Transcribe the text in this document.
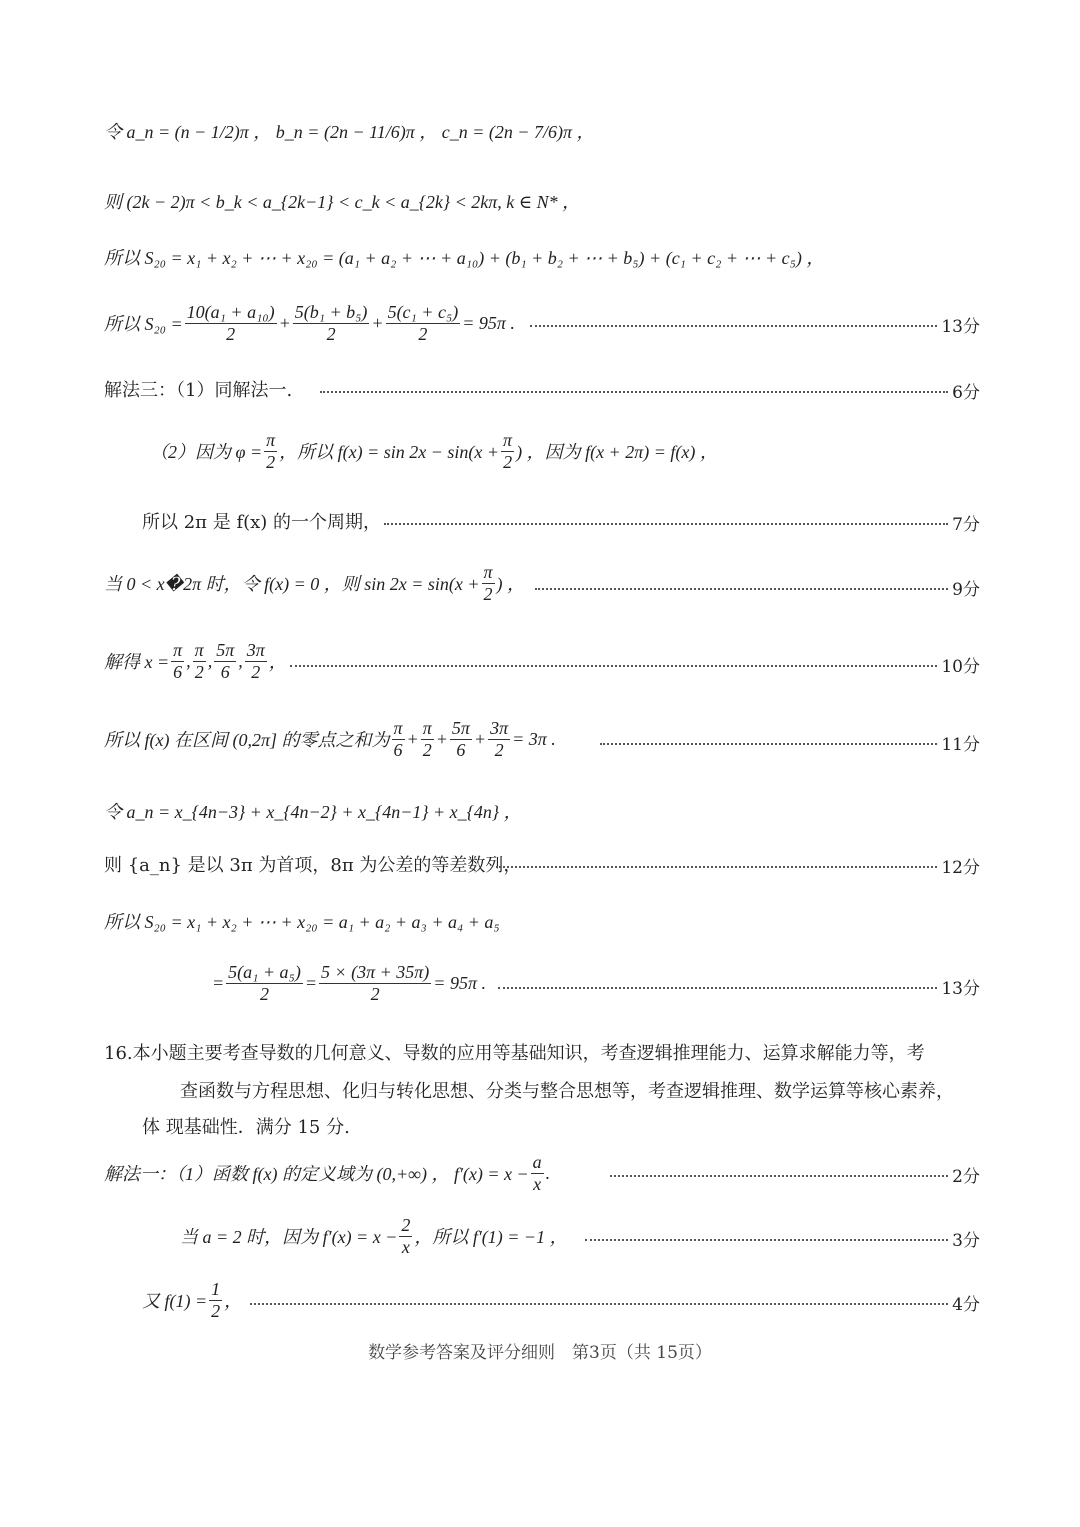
令 a_n = (n − 1/2)π ， b_n = (2n − 11/6)π ， c_n = (2n − 7/6)π ，
则 (2k − 2)π < b_k < a_{2k−1} < c_k < a_{2k} < 2kπ, k ∈ N* ，
所以 S₂₀ = x₁ + x₂ + ⋯ + x₂₀ = (a₁ + a₂ + ⋯ + a₁₀) + (b₁ + b₂ + ⋯ + b₅) + (c₁ + c₂ + ⋯ + c₅) ，
所以 $S_{20} = \frac{\text{10(a₁ + a₁₀)}}{2} + \frac{\text{5(b₁ + b₅)}}{2} + \frac{\text{5(c₁ + c₅)}}{2} = 95\pi$ .	13分
解法三：（1）同解法一.	6分
（2）因为 $\varphi = \frac{\pi}{2}$ ，所以 $f(x) = \sin 2x - \sin(x + \frac{\pi}{2}$ ) ，因为 f(x + 2π) = f(x) ，
所以 2π 是 f(x) 的一个周期，	7分
当 0 < x�2π 时，令 f(x) = 0 ，则 $\sin 2x = \sin(x + \frac{\pi}{2}$ ) ，	9分
解得 $x = \frac{\pi}{6}$ , $\frac{\pi}{2}$ , $\frac{5\pi}{6}$ , $\frac{3\pi}{2}$ ，	10分
所以 f(x) 在区间 (0,2π] 的零点之和为 $\frac{\pi}{6} + \frac{\pi}{2} + \frac{5\pi}{6} + \frac{3\pi}{2} = 3\pi$ .	11分
令 a_n = x_{4n−3} + x_{4n−2} + x_{4n−1} + x_{4n} ，
则 {a_n} 是以 3π 为首项，8π 为公差的等差数列，	12分
所以 S₂₀ = x₁ + x₂ + ⋯ + x₂₀ = a₁ + a₂ + a₃ + a₄ + a₅
= $\frac{\text{5(a₁ + a₅)}}{2} = \frac{5 \times (3\pi + 35\pi)}{2} = 95\pi$ .	13分
16.本小题主要考查导数的几何意义、导数的应用等基础知识，考查逻辑推理能力、运算求解能力等，考
查函数与方程思想、化归与转化思想、分类与整合思想等，考查逻辑推理、数学运算等核心素养，
体 现基础性．满分 15 分.
解法一：（1）函数 f(x) 的定义域为 (0,+∞) ， $f'(x) = x - \frac{a}{x}$ .	2分
当 a = 2 时，因为 $f'(x) = x - \frac{2}{x}$ ，所以 f′(1) = −1 ，	3分
又 $f(1) = \frac{1}{2}$ ，	4分
数学参考答案及评分细则　第3页（共 15页）
